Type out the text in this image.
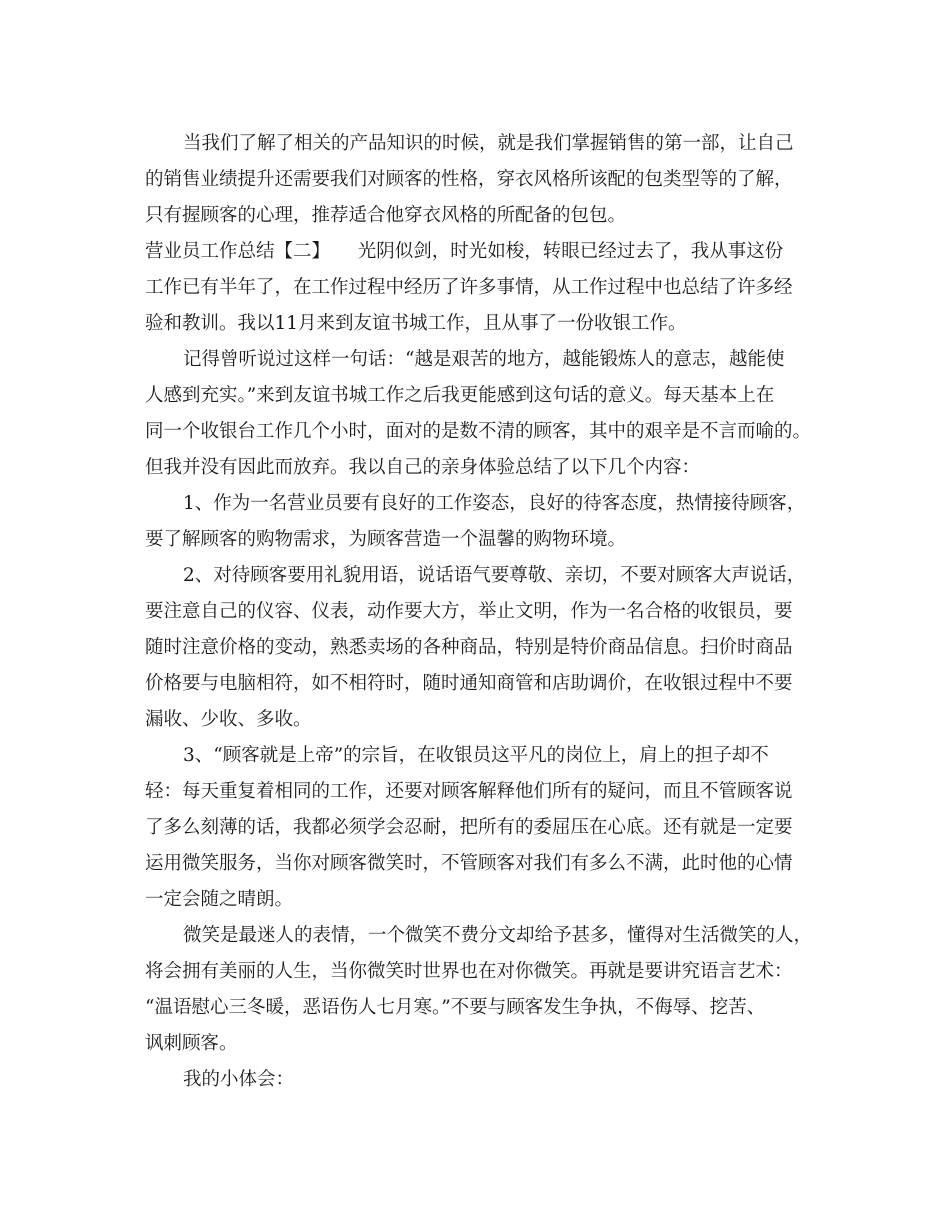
当我们了解了相关的产品知识的时候，就是我们掌握销售的第一部，让自己
的销售业绩提升还需要我们对顾客的性格，穿衣风格所该配的包类型等的了解，
只有握顾客的心理，推荐适合他穿衣风格的所配备的包包。
营业员工作总结【二】　　光阴似剑，时光如梭，转眼已经过去了，我从事这份
工作已有半年了，在工作过程中经历了许多事情，从工作过程中也总结了许多经
验和教训。我以11月来到友谊书城工作，且从事了一份收银工作。
记得曾听说过这样一句话：“越是艰苦的地方，越能锻炼人的意志，越能使
人感到充实。”来到友谊书城工作之后我更能感到这句话的意义。每天基本上在
同一个收银台工作几个小时，面对的是数不清的顾客，其中的艰辛是不言而喻的。
但我并没有因此而放弃。我以自己的亲身体验总结了以下几个内容：
1、作为一名营业员要有良好的工作姿态，良好的待客态度，热情接待顾客，
要了解顾客的购物需求，为顾客营造一个温馨的购物环境。
2、对待顾客要用礼貌用语，说话语气要尊敬、亲切，不要对顾客大声说话，
要注意自己的仪容、仪表，动作要大方，举止文明，作为一名合格的收银员，要
随时注意价格的变动，熟悉卖场的各种商品，特别是特价商品信息。扫价时商品
价格要与电脑相符，如不相符时，随时通知商管和店助调价，在收银过程中不要
漏收、少收、多收。
3、“顾客就是上帝”的宗旨，在收银员这平凡的岗位上，肩上的担子却不
轻：每天重复着相同的工作，还要对顾客解释他们所有的疑问，而且不管顾客说
了多么刻薄的话，我都必须学会忍耐，把所有的委屈压在心底。还有就是一定要
运用微笑服务，当你对顾客微笑时，不管顾客对我们有多么不满，此时他的心情
一定会随之晴朗。
微笑是最迷人的表情，一个微笑不费分文却给予甚多，懂得对生活微笑的人，
将会拥有美丽的人生，当你微笑时世界也在对你微笑。再就是要讲究语言艺术：
“温语慰心三冬暖，恶语伤人七月寒。”不要与顾客发生争执，不侮辱、挖苦、
讽刺顾客。
我的小体会：
